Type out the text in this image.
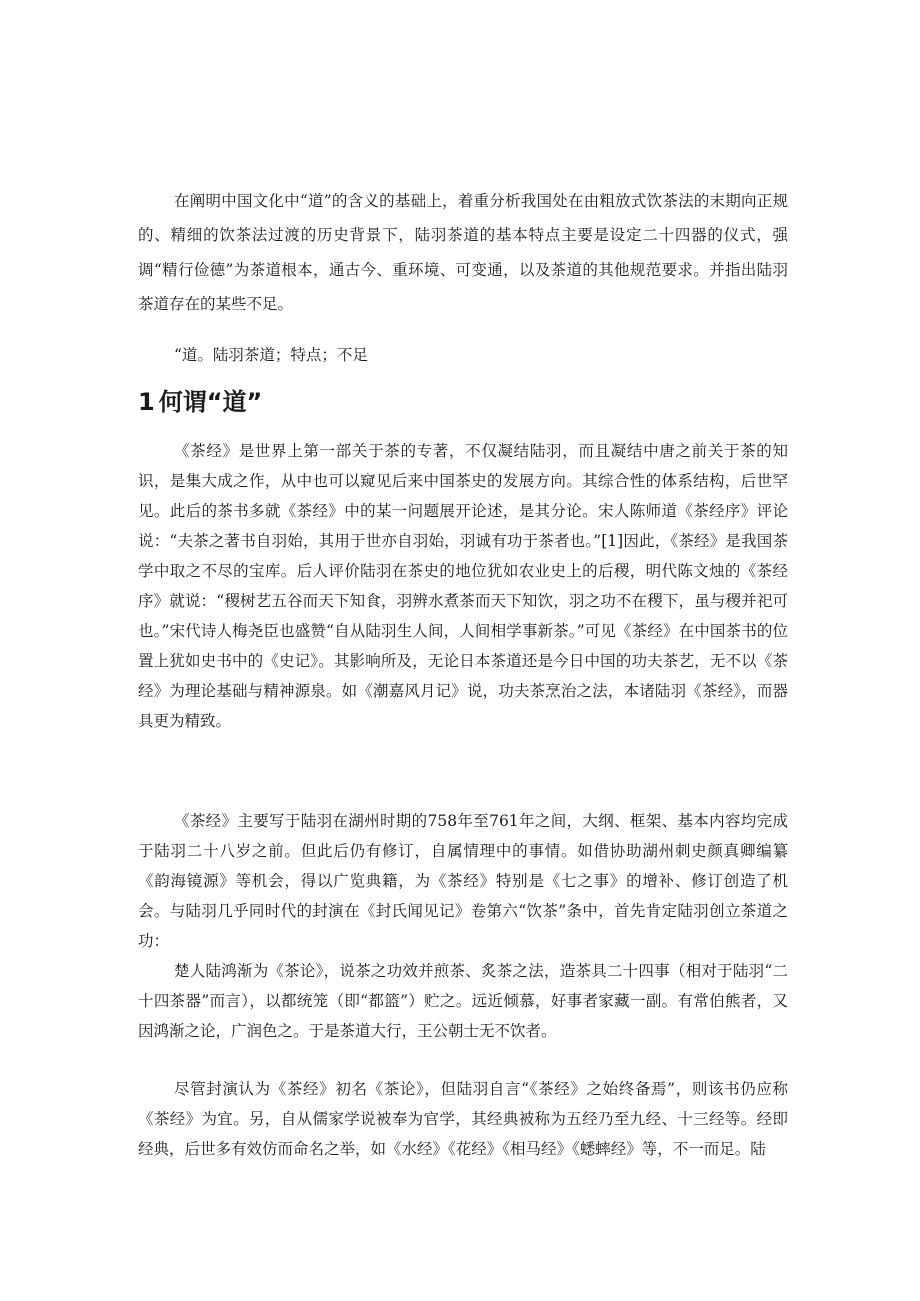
在阐明中国文化中“道”的含义的基础上，着重分析我国处在由粗放式饮茶法的末期向正规的、精细的饮茶法过渡的历史背景下，陆羽茶道的基本特点主要是设定二十四器的仪式，强调“精行俭德”为茶道根本，通古今、重环境、可变通，以及茶道的其他规范要求。并指出陆羽茶道存在的某些不足。

“道。陆羽茶道；特点；不足

1 何谓“道”

《茶经》是世界上第一部关于茶的专著，不仅凝结陆羽，而且凝结中唐之前关于茶的知识，是集大成之作，从中也可以窥见后来中国茶史的发展方向。其综合性的体系结构，后世罕见。此后的茶书多就《茶经》中的某一问题展开论述，是其分论。宋人陈师道《茶经序》评论说：“夫茶之著书自羽始，其用于世亦自羽始，羽诚有功于茶者也。”[1]因此，《茶经》是我国茶学中取之不尽的宝库。后人评价陆羽在茶史的地位犹如农业史上的后稷，明代陈文烛的《茶经序》就说：“稷树艺五谷而天下知食，羽辨水煮茶而天下知饮，羽之功不在稷下，虽与稷并祀可也。”宋代诗人梅尧臣也盛赞“自从陆羽生人间，人间相学事新茶。”可见《茶经》在中国茶书的位置上犹如史书中的《史记》。其影响所及，无论日本茶道还是今日中国的功夫茶艺，无不以《茶经》为理论基础与精神源泉。如《潮嘉风月记》说，功夫茶烹治之法，本诸陆羽《茶经》，而器具更为精致。

《茶经》主要写于陆羽在湖州时期的758年至761年之间，大纲、框架、基本内容均完成于陆羽二十八岁之前。但此后仍有修订，自属情理中的事情。如借协助湖州刺史颜真卿编纂《韵海镜源》等机会，得以广览典籍，为《茶经》特别是《七之事》的增补、修订创造了机会。与陆羽几乎同时代的封演在《封氏闻见记》卷第六“饮茶”条中，首先肯定陆羽创立茶道之功：

楚人陆鸿渐为《茶论》，说茶之功效并煎茶、炙茶之法，造茶具二十四事（相对于陆羽“二十四茶器”而言），以都统笼（即“都篮”）贮之。远近倾慕，好事者家藏一副。有常伯熊者，又因鸿渐之论，广润色之。于是茶道大行，王公朝士无不饮者。

尽管封演认为《茶经》初名《茶论》，但陆羽自言“《茶经》之始终备焉”，则该书仍应称《茶经》为宜。另，自从儒家学说被奉为官学，其经典被称为五经乃至九经、十三经等。经即经典，后世多有效仿而命名之举，如《水经》《花经》《相马经》《蟋蟀经》等，不一而足。陆
